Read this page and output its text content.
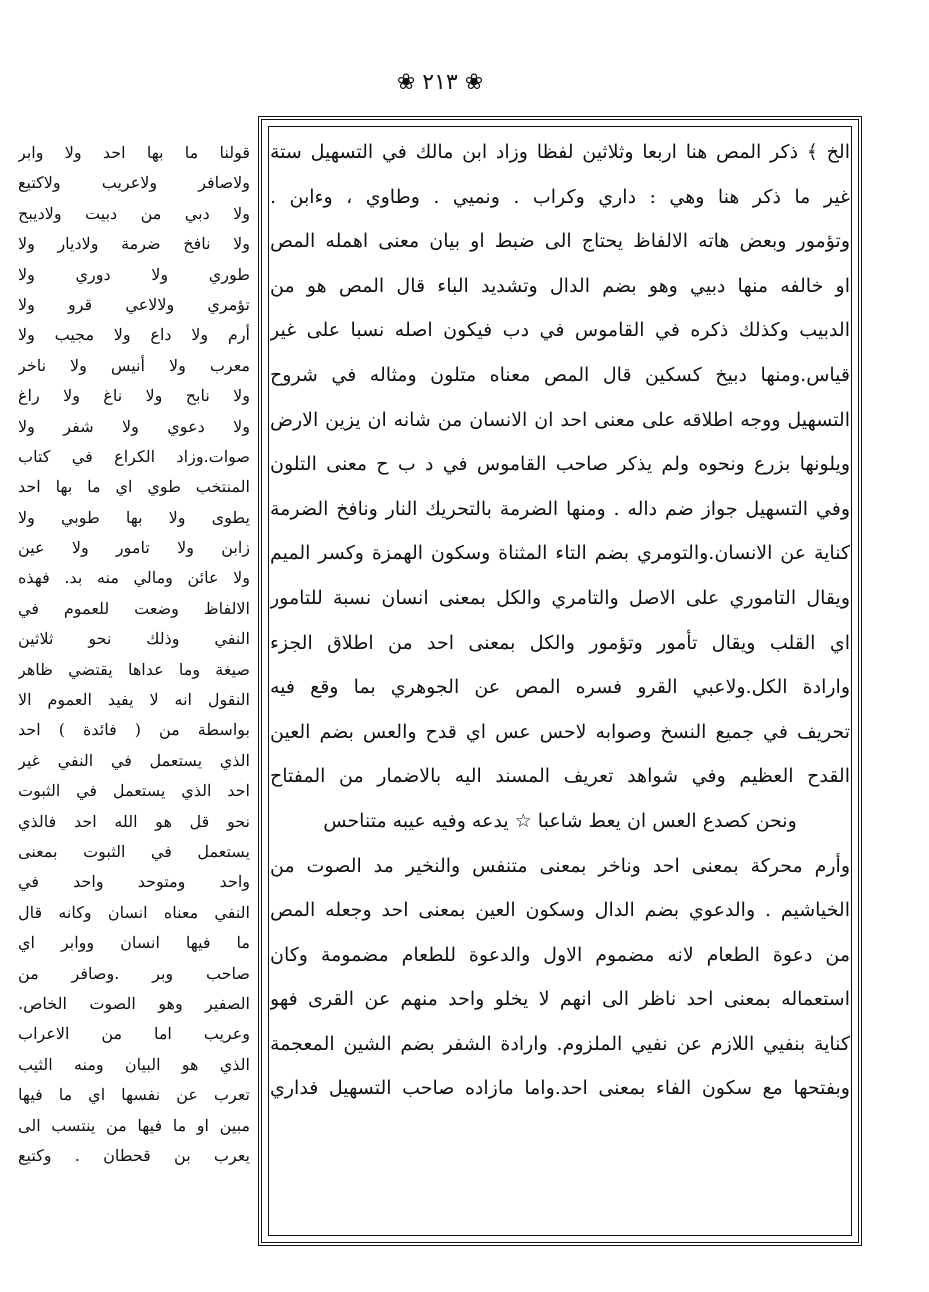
❀ ٢١٣ ❀
الخ ﴾ ذكر المص هنا اربعا وثلاثين لفظا وزاد ابن مالك في التسهيل ستة
غير ما ذكر هنا وهي : داري وكراب . ونميي . وطاوي ، وءابن .
وتؤمور وبعض هاته الالفاظ يحتاج الى ضبط او بيان معنى اهمله المص
او خالفه منها دبيي وهو بضم الدال وتشديد الباء قال المص هو من
الدبيب وكذلك ذكره في القاموس في دب فيكون اصله نسبا على غير
قياس.ومنها دبيخ كسكين قال المص معناه متلون ومثاله في شروح
التسهيل ووجه اطلاقه على معنى احد ان الانسان من شانه ان يزين الارض
ويلونها بزرع ونحوه ولم يذكر صاحب القاموس في د ب ح معنى التلون
وفي التسهيل جواز ضم داله . ومنها الضرمة بالتحريك النار ونافخ الضرمة
كناية عن الانسان.والتومري بضم التاء المثناة وسكون الهمزة وكسر الميم
ويقال التاموري على الاصل والتامري والكل بمعنى انسان نسبة للتامور
اي القلب ويقال تأمور وتؤمور والكل بمعنى احد من اطلاق الجزء
وارادة الكل.ولاعبي القرو فسره المص عن الجوهري بما وقع فيه
تحريف في جميع النسخ وصوابه لاحس عس اي قدح والعس بضم العين
القدح العظيم وفي شواهد تعريف المسند اليه بالاضمار من المفتاح
ونحن كصدع العس ان يعط شاعبا ☆ يدعه وفيه عيبه متناحس
وأرم محركة بمعنى احد وناخر بمعنى متنفس والنخير مد الصوت من
الخياشيم . والدعوي بضم الدال وسكون العين بمعنى احد وجعله المص
من دعوة الطعام لانه مضموم الاول والدعوة للطعام مضمومة وكان
استعماله بمعنى احد ناظر الى انهم لا يخلو واحد منهم عن القرى فهو
كناية بنفيي اللازم عن نفيي الملزوم. وارادة الشفر بضم الشين المعجمة
وبفتحها مع سكون الفاء بمعنى احد.واما مازاده صاحب التسهيل فداري
قولنا ما بها احد ولا وابر
ولاصافر ولاعريب ولاكتيع
ولا دبي من دبيت ولاديبح
ولا نافخ ضرمة ولاديار ولا
طوري ولا دوري ولا
تؤمري ولالاعي قرو ولا
أرم ولا داع ولا مجيب ولا
معرب ولا أنيس ولا ناخر
ولا نابح ولا ناغ ولا راغ
ولا دعوي ولا شفر ولا
صوات.وزاد الكراع في كتاب
المنتخب طوي اي ما بها احد
يطوى ولا بها طوبي ولا
زابن ولا تامور ولا عين
ولا عائن ومالي منه بد. فهذه
الالفاظ وضعت للعموم في
النفي وذلك نحو ثلاثين
صيغة وما عداها يقتضي ظاهر
النقول انه لا يفيد العموم الا
بواسطة من ( فائدة ) احد
الذي يستعمل في النفي غير
احد الذي يستعمل في الثبوت
نحو قل هو الله احد فالذي
يستعمل في الثبوت بمعنى
واحد ومتوحد واحد في
النفي معناه انسان وكانه قال
ما فيها انسان ووابر اي
صاحب وبر .وصافر من
الصفير وهو الصوت الخاص.
وعريب اما من الاعراب
الذي هو البيان ومنه الثيب
تعرب عن نفسها اي ما فيها
مبين او ما فيها من ينتسب الى
يعرب بن قحطان . وكتيع
